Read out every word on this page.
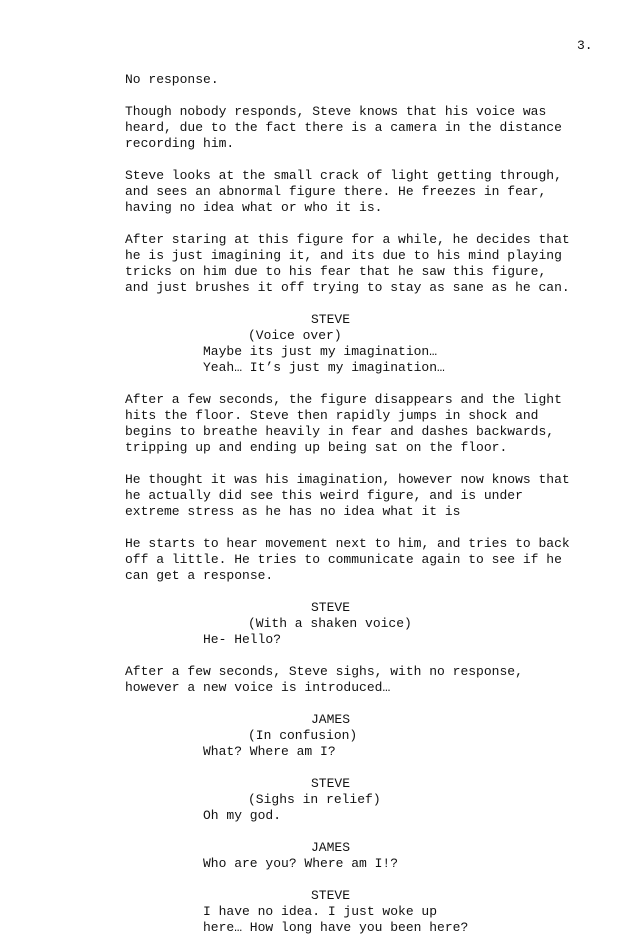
3.

No response.

Though nobody responds, Steve knows that his voice was
heard, due to the fact there is a camera in the distance
recording him.

Steve looks at the small crack of light getting through,
and sees an abnormal figure there. He freezes in fear,
having no idea what or who it is.

After staring at this figure for a while, he decides that
he is just imagining it, and its due to his mind playing
tricks on him due to his fear that he saw this figure,
and just brushes it off trying to stay as sane as he can.

STEVE
(Voice over)
Maybe its just my imagination…
Yeah… It’s just my imagination…

After a few seconds, the figure disappears and the light
hits the floor. Steve then rapidly jumps in shock and
begins to breathe heavily in fear and dashes backwards,
tripping up and ending up being sat on the floor.

He thought it was his imagination, however now knows that
he actually did see this weird figure, and is under
extreme stress as he has no idea what it is

He starts to hear movement next to him, and tries to back
off a little. He tries to communicate again to see if he
can get a response.

STEVE
(With a shaken voice)
He- Hello?

After a few seconds, Steve sighs, with no response,
however a new voice is introduced…

JAMES
(In confusion)
What? Where am I?
STEVE
(Sighs in relief)
Oh my god.
JAMES
Who are you? Where am I!?
STEVE
I have no idea. I just woke up
here… How long have you been here?
